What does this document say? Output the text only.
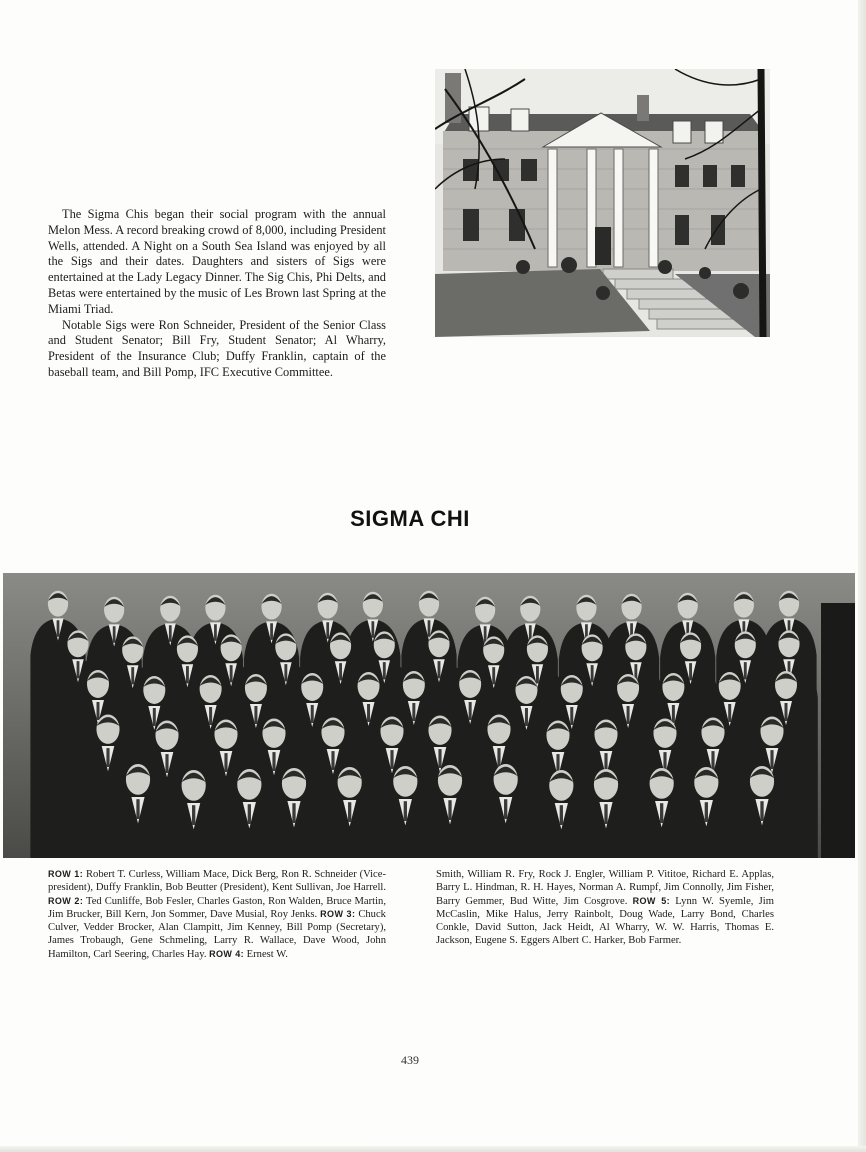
The Sigma Chis began their social program with the annual Melon Mess. A record breaking crowd of 8,000, including President Wells, attended. A Night on a South Sea Island was enjoyed by all the Sigs and their dates. Daughters and sisters of Sigs were entertained at the Lady Legacy Dinner. The Sig Chis, Phi Delts, and Betas were entertained by the music of Les Brown last Spring at the Miami Triad.

Notable Sigs were Ron Schneider, President of the Senior Class and Student Senator; Bill Fry, Student Senator; Al Wharry, President of the Insurance Club; Duffy Franklin, captain of the baseball team, and Bill Pomp, IFC Executive Committee.

SIGMA CHI
ROW 1: Robert T. Curless, William Mace, Dick Berg, Ron R. Schneider (Vice-president), Duffy Franklin, Bob Beutter (President), Kent Sullivan, Joe Harrell. ROW 2: Ted Cunliffe, Bob Fesler, Charles Gaston, Ron Walden, Bruce Martin, Jim Brucker, Bill Kern, Jon Sommer, Dave Musial, Roy Jenks. ROW 3: Chuck Culver, Vedder Brocker, Alan Clampitt, Jim Kenney, Bill Pomp (Secretary), James Trobaugh, Gene Schmeling, Larry R. Wallace, Dave Wood, John Hamilton, Carl Seering, Charles Hay. ROW 4: Ernest W.
Smith, William R. Fry, Rock J. Engler, William P. Vititoe, Richard E. Applas, Barry L. Hindman, R. H. Hayes, Norman A. Rumpf, Jim Connolly, Jim Fisher, Barry Gemmer, Bud Witte, Jim Cosgrove. ROW 5: Lynn W. Syemle, Jim McCaslin, Mike Halus, Jerry Rainbolt, Doug Wade, Larry Bond, Charles Conkle, David Sutton, Jack Heidt, Al Wharry, W. W. Harris, Thomas E. Jackson, Eugene S. Eggers Albert C. Harker, Bob Farmer.
439
